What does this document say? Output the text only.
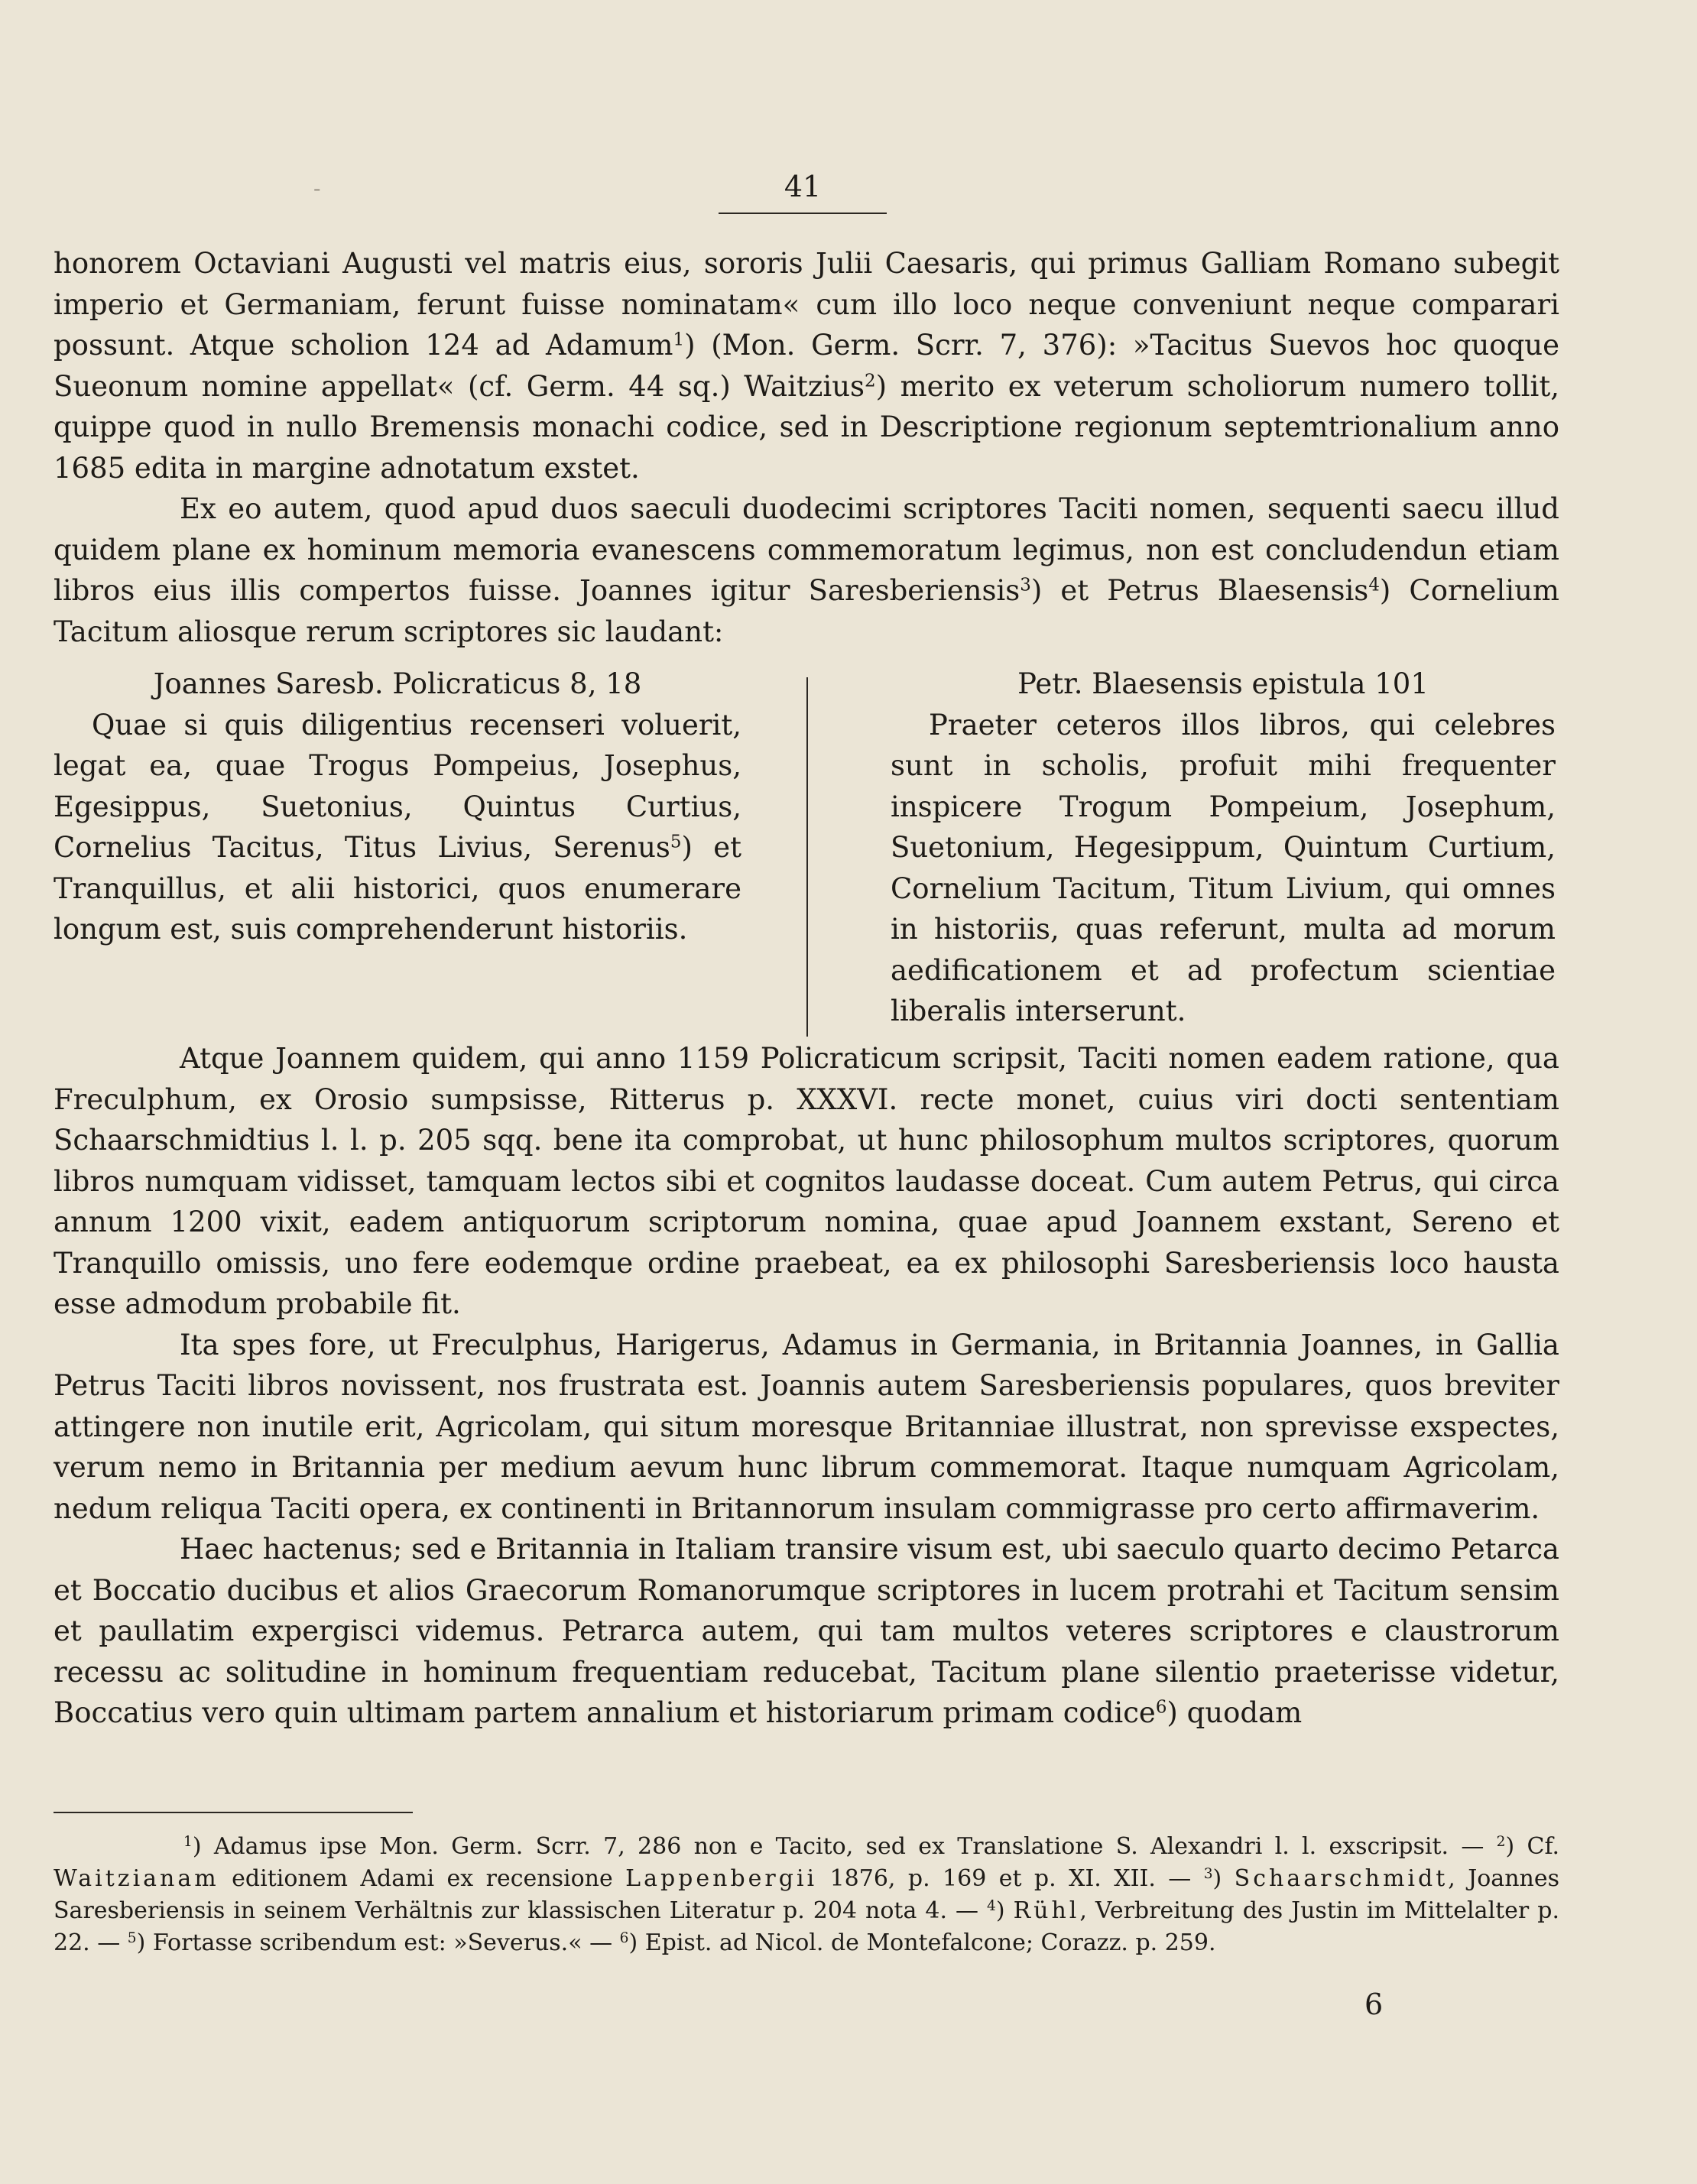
-	41

honorem Octaviani Augusti vel matris eius, sororis Julii Caesaris, qui primus Galliam Romano subegit imperio et Germaniam, ferunt fuisse nominatam« cum illo loco neque conveniunt neque comparari possunt. Atque scholion 124 ad Adamum$^1$) (Mon. Germ. Scrr. 7, 376): »Tacitus Suevos hoc quoque Sueonum nomine appellat« (cf. Germ. 44 sq.) Waitzius$^2$) merito ex veterum scholiorum numero tollit, quippe quod in nullo Bremensis monachi codice, sed in Descriptione regionum septemtrionalium anno 1685 edita in margine adnotatum exstet.

Ex eo autem, quod apud duos saeculi duodecimi scriptores Taciti nomen, sequenti saecu illud quidem plane ex hominum memoria evanescens commemoratum legimus, non est concludendun etiam libros eius illis compertos fuisse. Joannes igitur Saresberiensis$^3$) et Petrus Blaesensis$^4$) Cornelium Tacitum aliosque rerum scriptores sic laudant:

Joannes Saresb. Policraticus 8, 18

Quae si quis diligentius recenseri voluerit, legat ea, quae Trogus Pompeius, Josephus, Egesippus, Suetonius, Quintus Curtius, Cornelius Tacitus, Titus Livius, Serenus$^5$) et Tranquillus, et alii historici, quos enumerare longum est, suis comprehenderunt historiis.

Petr. Blaesensis epistula 101

Praeter ceteros illos libros, qui celebres sunt in scholis, profuit mihi frequenter inspicere Trogum Pompeium, Josephum, Suetonium, Hegesippum, Quintum Curtium, Cornelium Tacitum, Titum Livium, qui omnes in historiis, quas referunt, multa ad morum aedificationem et ad profectum scientiae liberalis interserunt.

Atque Joannem quidem, qui anno 1159 Policraticum scripsit, Taciti nomen eadem ratione, qua Freculphum, ex Orosio sumpsisse, Ritterus p. XXXVI. recte monet, cuius viri docti sententiam Schaarschmidtius l. l. p. 205 sqq. bene ita comprobat, ut hunc philosophum multos scriptores, quorum libros numquam vidisset, tamquam lectos sibi et cognitos laudasse doceat. Cum autem Petrus, qui circa annum 1200 vixit, eadem antiquorum scriptorum nomina, quae apud Joannem exstant, Sereno et Tranquillo omissis, uno fere eodemque ordine praebeat, ea ex philosophi Saresberiensis loco hausta esse admodum probabile fit.

Ita spes fore, ut Freculphus, Harigerus, Adamus in Germania, in Britannia Joannes, in Gallia Petrus Taciti libros novissent, nos frustrata est. Joannis autem Saresberiensis populares, quos breviter attingere non inutile erit, Agricolam, qui situm moresque Britanniae illustrat, non sprevisse exspectes, verum nemo in Britannia per medium aevum hunc librum commemorat. Itaque numquam Agricolam, nedum reliqua Taciti opera, ex continenti in Britannorum insulam commigrasse pro certo affirmaverim.

Haec hactenus; sed e Britannia in Italiam transire visum est, ubi saeculo quarto decimo Petarca et Boccatio ducibus et alios Graecorum Romanorumque scriptores in lucem protrahi et Tacitum sensim et paullatim expergisci videmus. Petrarca autem, qui tam multos veteres scriptores e claustrorum recessu ac solitudine in hominum frequentiam reducebat, Tacitum plane silentio praeterisse videtur, Boccatius vero quin ultimam partem annalium et historiarum primam codice$^6$) quodam

$^1$) Adamus ipse Mon. Germ. Scrr. 7, 286 non e Tacito, sed ex Translatione S. Alexandri l. l. exscripsit. — $^2$) Cf. Waitzianam editionem Adami ex recensione Lappenbergii 1876, p. 169 et p. XI. XII. — $^3$) Schaarschmidt, Joannes Saresberiensis in seinem Verhältnis zur klassischen Literatur p. 204 nota 4. — $^4$) Rühl, Verbreitung des Justin im Mittelalter p. 22. — $^5$) Fortasse scribendum est: »Severus.« — $^6$) Epist. ad Nicol. de Montefalcone; Corazz. p. 259.

6
